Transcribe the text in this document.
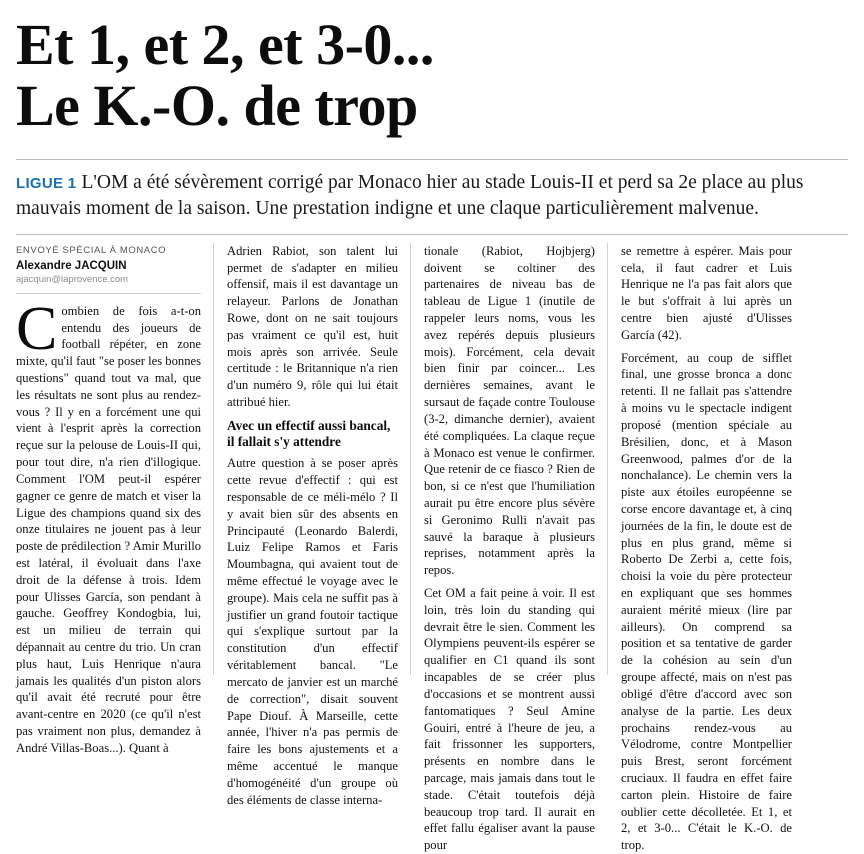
Et 1, et 2, et 3-0...
Le K.-O. de trop

LIGUE 1 L'OM a été sévèrement corrigé par Monaco hier au stade Louis-II et perd sa 2e place au plus mauvais moment de la saison. Une prestation indigne et une claque particulièrement malvenue.

ENVOYÉ SPÉCIAL À MONACO
Alexandre JACQUIN
ajacquin@laprovence.com

Combien de fois a-t-on entendu des joueurs de football répéter, en zone mixte, qu'il faut "se poser les bonnes questions" quand tout va mal, que les résultats ne sont plus au rendez-vous ? Il y en a forcément une qui vient à l'esprit après la correction reçue sur la pelouse de Louis-II qui, pour tout dire, n'a rien d'illogique. Comment l'OM peut-il espérer gagner ce genre de match et viser la Ligue des champions quand six des onze titulaires ne jouent pas à leur poste de prédilection ? Amir Murillo est latéral, il évoluait dans l'axe droit de la défense à trois. Idem pour Ulisses García, son pendant à gauche. Geoffrey Kondogbia, lui, est un milieu de terrain qui dépannait au centre du trio. Un cran plus haut, Luis Henrique n'aura jamais les qualités d'un piston alors qu'il avait été recruté pour être avant-centre en 2020 (ce qu'il n'est pas vraiment non plus, demandez à André Villas-Boas...). Quant à

Adrien Rabiot, son talent lui permet de s'adapter en milieu offensif, mais il est davantage un relayeur. Parlons de Jonathan Rowe, dont on ne sait toujours pas vraiment ce qu'il est, huit mois après son arrivée. Seule certitude : le Britannique n'a rien d'un numéro 9, rôle qui lui était attribué hier.

Avec un effectif aussi bancal, il fallait s'y attendre

Autre question à se poser après cette revue d'effectif : qui est responsable de ce méli-mélo ? Il y avait bien sûr des absents en Principauté (Leonardo Balerdi, Luiz Felipe Ramos et Faris Moumbagna, qui avaient tout de même effectué le voyage avec le groupe). Mais cela ne suffit pas à justifier un grand foutoir tactique qui s'explique surtout par la constitution d'un effectif véritablement bancal. "Le mercato de janvier est un marché de correction", disait souvent Pape Diouf. À Marseille, cette année, l'hiver n'a pas permis de faire les bons ajustements et a même accentué le manque d'homogénéité d'un groupe où des éléments de classe interna-

tionale (Rabiot, Hojbjerg) doivent se coltiner des partenaires de niveau bas de tableau de Ligue 1 (inutile de rappeler leurs noms, vous les avez repérés depuis plusieurs mois). Forcément, cela devait bien finir par coincer... Les dernières semaines, avant le sursaut de façade contre Toulouse (3-2, dimanche dernier), avaient été compliquées. La claque reçue à Monaco est venue le confirmer. Que retenir de ce fiasco ? Rien de bon, si ce n'est que l'humiliation aurait pu être encore plus sévère si Geronimo Rulli n'avait pas sauvé la baraque à plusieurs reprises, notamment après la repos.

Cet OM a fait peine à voir. Il est loin, très loin du standing qui devrait être le sien. Comment les Olympiens peuvent-ils espérer se qualifier en C1 quand ils sont incapables de se créer plus d'occasions et se montrent aussi fantomatiques ? Seul Amine Gouiri, entré à l'heure de jeu, a fait frissonner les supporters, présents en nombre dans le parcage, mais jamais dans tout le stade. C'était toutefois déjà beaucoup trop tard. Il aurait en effet fallu égaliser avant la pause pour

se remettre à espérer. Mais pour cela, il faut cadrer et Luis Henrique ne l'a pas fait alors que le but s'offrait à lui après un centre bien ajusté d'Ulisses García (42).

Forcément, au coup de sifflet final, une grosse bronca a donc retenti. Il ne fallait pas s'attendre à moins vu le spectacle indigent proposé (mention spéciale au Brésilien, donc, et à Mason Greenwood, palmes d'or de la nonchalance). Le chemin vers la piste aux étoiles européenne se corse encore davantage et, à cinq journées de la fin, le doute est de plus en plus grand, même si Roberto De Zerbi a, cette fois, choisi la voie du père protecteur en expliquant que ses hommes auraient mérité mieux (lire par ailleurs). On comprend sa position et sa tentative de garder de la cohésion au sein d'un groupe affecté, mais on n'est pas obligé d'être d'accord avec son analyse de la partie. Les deux prochains rendez-vous au Vélodrome, contre Montpellier puis Brest, seront forcément cruciaux. Il faudra en effet faire carton plein. Histoire de faire oublier cette décolletée. Et 1, et 2, et 3-0... C'était le K.-O. de trop.
